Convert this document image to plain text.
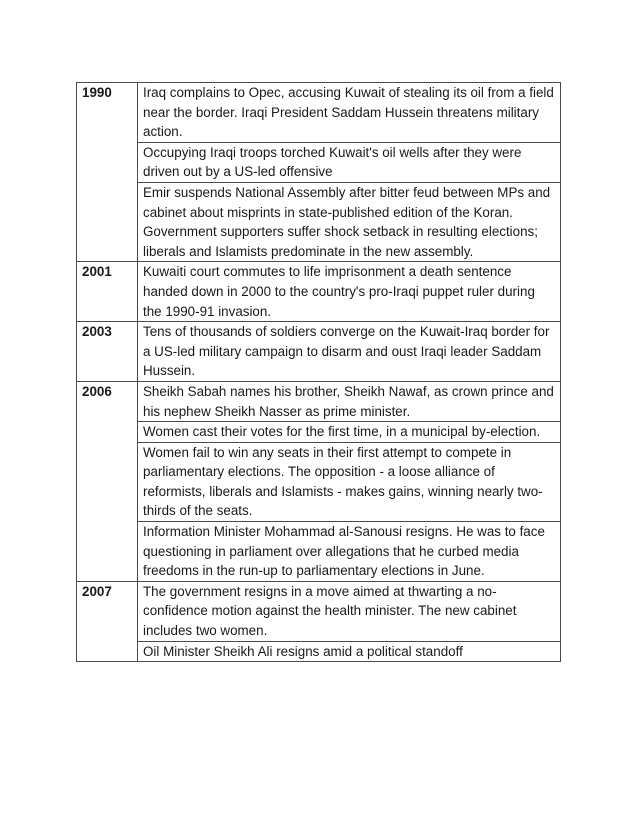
1990	Iraq complains to Opec, accusing Kuwait of stealing its oil from a field near the border. Iraqi President Saddam Hussein threatens military action.
	Occupying Iraqi troops torched Kuwait's oil wells after they were driven out by a US-led offensive
	Emir suspends National Assembly after bitter feud between MPs and cabinet about misprints in state-published edition of the Koran. Government supporters suffer shock setback in resulting elections; liberals and Islamists predominate in the new assembly.
2001	Kuwaiti court commutes to life imprisonment a death sentence handed down in 2000 to the country's pro-Iraqi puppet ruler during the 1990-91 invasion.
2003	Tens of thousands of soldiers converge on the Kuwait-Iraq border for a US-led military campaign to disarm and oust Iraqi leader Saddam Hussein.
2006	Sheikh Sabah names his brother, Sheikh Nawaf, as crown prince and his nephew Sheikh Nasser as prime minister.
	Women cast their votes for the first time, in a municipal by-election.
	Women fail to win any seats in their first attempt to compete in parliamentary elections. The opposition - a loose alliance of reformists, liberals and Islamists - makes gains, winning nearly two-thirds of the seats.
	Information Minister Mohammad al-Sanousi resigns. He was to face questioning in parliament over allegations that he curbed media freedoms in the run-up to parliamentary elections in June.
2007	The government resigns in a move aimed at thwarting a no-confidence motion against the health minister. The new cabinet includes two women.
	Oil Minister Sheikh Ali resigns amid a political standoff
